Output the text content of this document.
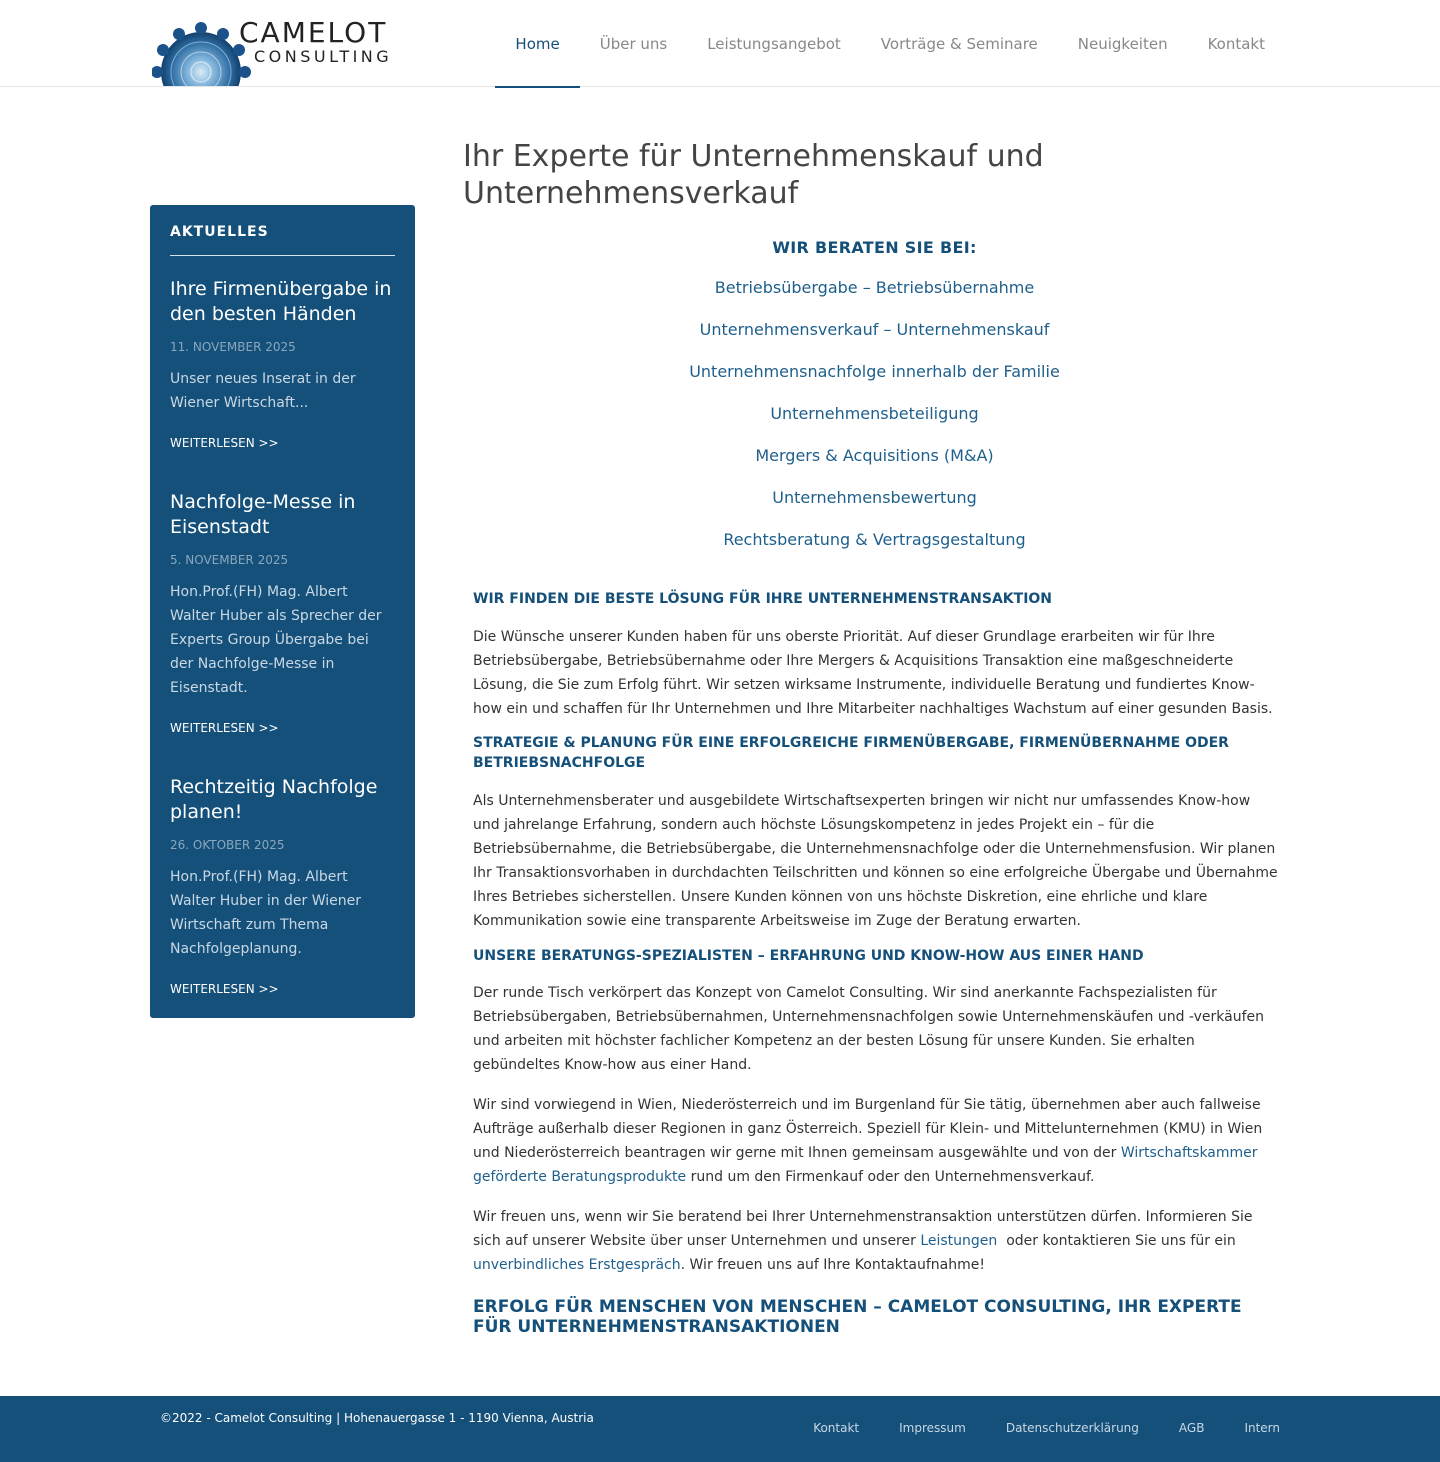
CAMELOT
CONSULTING
Home	Über uns	Leistungsangebot	Vorträge & Seminare	Neuigkeiten	Kontakt
AKTUELLES
Ihre Firmenübergabe in den besten Händen
11. NOVEMBER 2025
Unser neues Inserat in der Wiener Wirtschaft...
WEITERLESEN >>
Nachfolge-Messe in Eisenstadt
5. NOVEMBER 2025
Hon.Prof.(FH) Mag. Albert Walter Huber als Sprecher der Experts Group Übergabe bei der Nachfolge-Messe in Eisenstadt.
WEITERLESEN >>
Rechtzeitig Nachfolge planen!
26. OKTOBER 2025
Hon.Prof.(FH) Mag. Albert Walter Huber in der Wiener Wirtschaft zum Thema Nachfolgeplanung.
WEITERLESEN >>
Ihr Experte für Unternehmenskauf und Unternehmensverkauf
WIR BERATEN SIE BEI:
Betriebsübergabe – Betriebsübernahme
Unternehmensverkauf – Unternehmenskauf
Unternehmensnachfolge innerhalb der Familie
Unternehmensbeteiligung
Mergers & Acquisitions (M&A)
Unternehmensbewertung
Rechtsberatung & Vertragsgestaltung
WIR FINDEN DIE BESTE LÖSUNG FÜR IHRE UNTERNEHMENSTRANSAKTION

Die Wünsche unserer Kunden haben für uns oberste Priorität. Auf dieser Grundlage erarbeiten wir für Ihre Betriebsübergabe, Betriebsübernahme oder Ihre Mergers & Acquisitions Transaktion eine maßgeschneiderte Lösung, die Sie zum Erfolg führt. Wir setzen wirksame Instrumente, individuelle Beratung und fundiertes Know-how ein und schaffen für Ihr Unternehmen und Ihre Mitarbeiter nachhaltiges Wachstum auf einer gesunden Basis.

STRATEGIE & PLANUNG FÜR EINE ERFOLGREICHE FIRMENÜBERGABE, FIRMENÜBERNAHME ODER BETRIEBSNACHFOLGE

Als Unternehmensberater und ausgebildete Wirtschaftsexperten bringen wir nicht nur umfassendes Know-how und jahrelange Erfahrung, sondern auch höchste Lösungskompetenz in jedes Projekt ein – für die Betriebsübernahme, die Betriebsübergabe, die Unternehmensnachfolge oder die Unternehmensfusion. Wir planen Ihr Transaktionsvorhaben in durchdachten Teilschritten und können so eine erfolgreiche Übergabe und Übernahme Ihres Betriebes sicherstellen. Unsere Kunden können von uns höchste Diskretion, eine ehrliche und klare Kommunikation sowie eine transparente Arbeitsweise im Zuge der Beratung erwarten.

UNSERE BERATUNGS-SPEZIALISTEN – ERFAHRUNG UND KNOW-HOW AUS EINER HAND

Der runde Tisch verkörpert das Konzept von Camelot Consulting. Wir sind anerkannte Fachspezialisten für Betriebsübergaben, Betriebsübernahmen, Unternehmensnachfolgen sowie Unternehmenskäufen und -verkäufen und arbeiten mit höchster fachlicher Kompetenz an der besten Lösung für unsere Kunden. Sie erhalten gebündeltes Know-how aus einer Hand.

Wir sind vorwiegend in Wien, Niederösterreich und im Burgenland für Sie tätig, übernehmen aber auch fallweise Aufträge außerhalb dieser Regionen in ganz Österreich. Speziell für Klein- und Mittelunternehmen (KMU) in Wien und Niederösterreich beantragen wir gerne mit Ihnen gemeinsam ausgewählte und von der Wirtschaftskammer geförderte Beratungsprodukte rund um den Firmenkauf oder den Unternehmensverkauf.

Wir freuen uns, wenn wir Sie beratend bei Ihrer Unternehmenstransaktion unterstützen dürfen. Informieren Sie sich auf unserer Website über unser Unternehmen und unserer Leistungen  oder kontaktieren Sie uns für ein unverbindliches Erstgespräch. Wir freuen uns auf Ihre Kontaktaufnahme!

ERFOLG FÜR MENSCHEN VON MENSCHEN – CAMELOT CONSULTING, IHR EXPERTE FÜR UNTERNEHMENSTRANSAKTIONEN
©2022 - Camelot Consulting | Hohenauergasse 1 - 1190 Vienna, Austria
Kontakt	Impressum	Datenschutzerklärung	AGB	Intern
